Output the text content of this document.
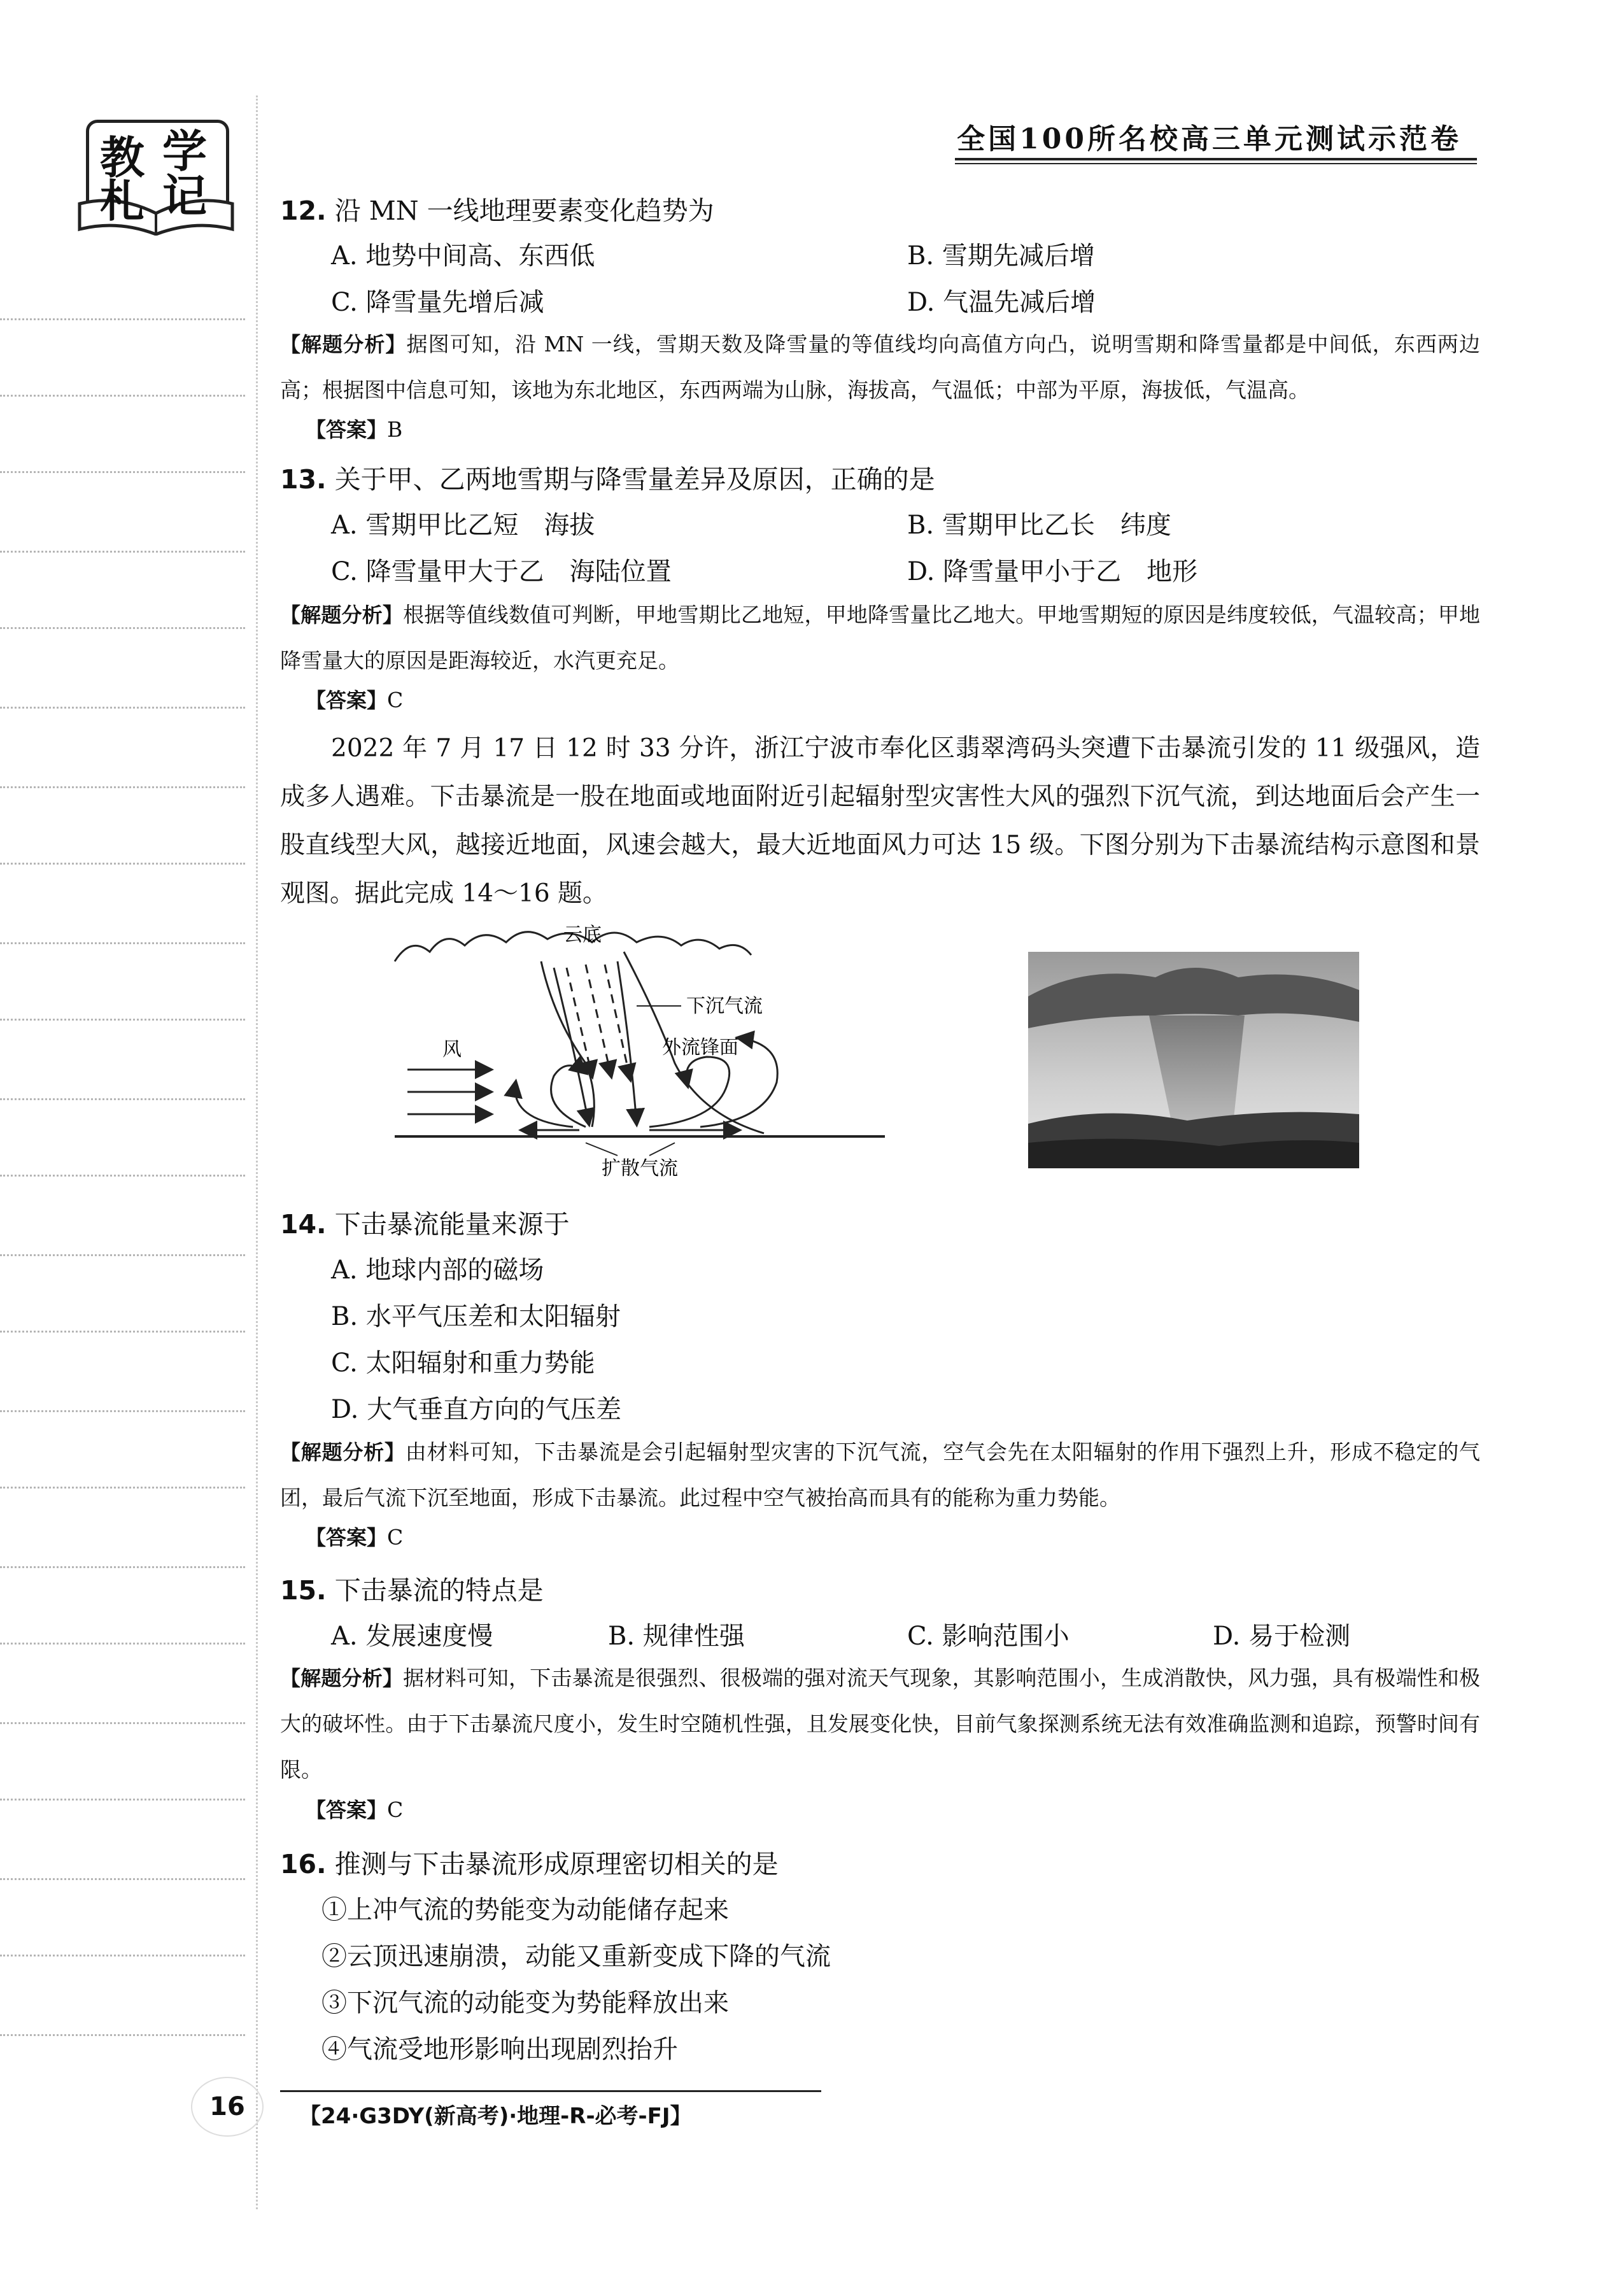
教 学
札 记
全国100所名校高三单元测试示范卷
12. 沿 MN 一线地理要素变化趋势为
A. 地势中间高、东西低	B. 雪期先减后增
C. 降雪量先增后减	D. 气温先减后增
【解题分析】据图可知，沿 MN 一线，雪期天数及降雪量的等值线均向高值方向凸，说明雪期和降雪量都是中间低，东西两边高；根据图中信息可知，该地为东北地区，东西两端为山脉，海拔高，气温低；中部为平原，海拔低，气温高。
【答案】B
13. 关于甲、乙两地雪期与降雪量差异及原因，正确的是
A. 雪期甲比乙短　海拔	B. 雪期甲比乙长　纬度
C. 降雪量甲大于乙　海陆位置	D. 降雪量甲小于乙　地形
【解题分析】根据等值线数值可判断，甲地雪期比乙地短，甲地降雪量比乙地大。甲地雪期短的原因是纬度较低，气温较高；甲地降雪量大的原因是距海较近，水汽更充足。
【答案】C
2022 年 7 月 17 日 12 时 33 分许，浙江宁波市奉化区翡翠湾码头突遭下击暴流引发的 11 级强风，造成多人遇难。下击暴流是一股在地面或地面附近引起辐射型灾害性大风的强烈下沉气流，到达地面后会产生一股直线型大风，越接近地面，风速会越大，最大近地面风力可达 15 级。下图分别为下击暴流结构示意图和景观图。据此完成 14～16 题。
云底
下沉气流
外流锋面
风
扩散气流
14. 下击暴流能量来源于
A. 地球内部的磁场
B. 水平气压差和太阳辐射
C. 太阳辐射和重力势能
D. 大气垂直方向的气压差
【解题分析】由材料可知，下击暴流是会引起辐射型灾害的下沉气流，空气会先在太阳辐射的作用下强烈上升，形成不稳定的气团，最后气流下沉至地面，形成下击暴流。此过程中空气被抬高而具有的能称为重力势能。
【答案】C
15. 下击暴流的特点是
A. 发展速度慢	B. 规律性强	C. 影响范围小	D. 易于检测
【解题分析】据材料可知，下击暴流是很强烈、很极端的强对流天气现象，其影响范围小，生成消散快，风力强，具有极端性和极大的破坏性。由于下击暴流尺度小，发生时空随机性强，且发展变化快，目前气象探测系统无法有效准确监测和追踪，预警时间有限。
【答案】C
16. 推测与下击暴流形成原理密切相关的是
①上冲气流的势能变为动能储存起来
②云顶迅速崩溃，动能又重新变成下降的气流
③下沉气流的动能变为势能释放出来
④气流受地形影响出现剧烈抬升
16	【24·G3DY(新高考)·地理-R-必考-FJ】
